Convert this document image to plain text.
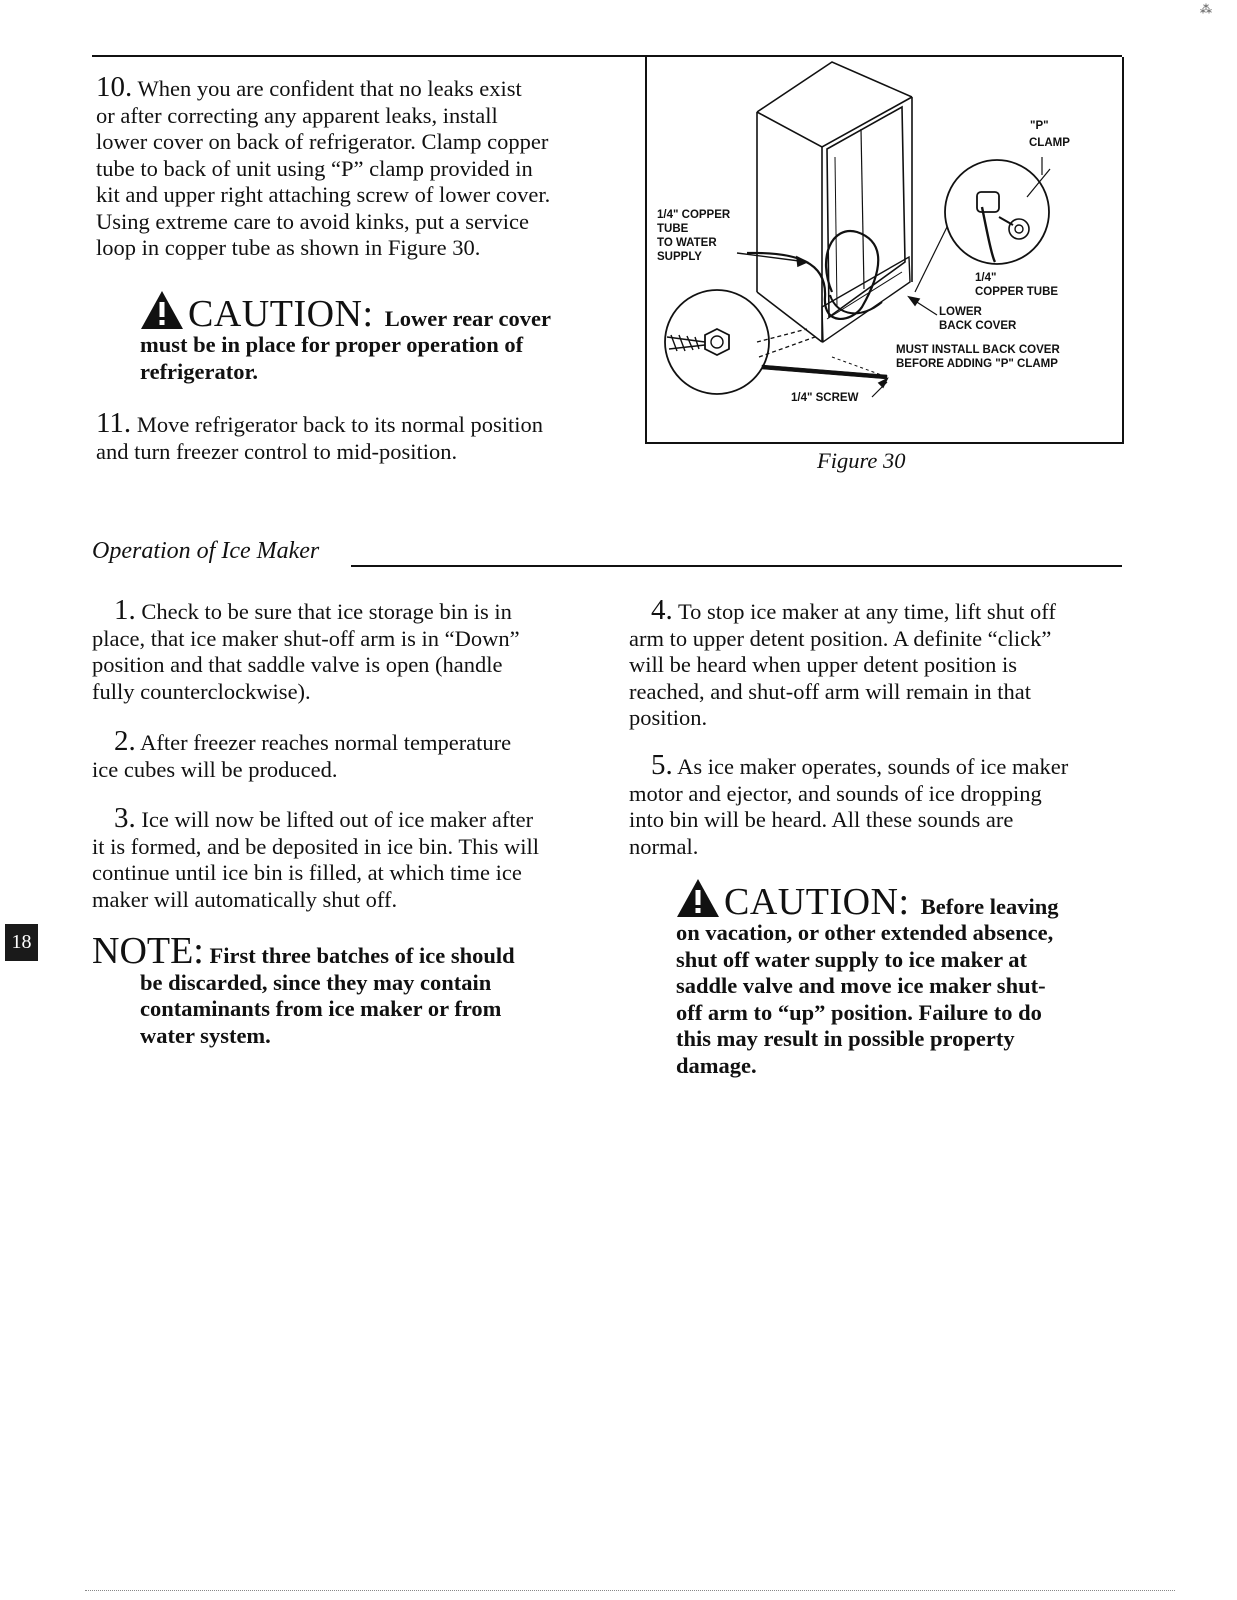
⁂
10. When you are confident that no leaks exist
or after correcting any apparent leaks, install
lower cover on back of refrigerator. Clamp copper
tube to back of unit using “P” clamp provided in
kit and upper right attaching screw of lower cover.
Using extreme care to avoid kinks, put a service
loop in copper tube as shown in Figure 30.
CAUTION: Lower rear cover
must be in place for proper operation of
refrigerator.
11. Move refrigerator back to its normal position
and turn freezer control to mid-position.
"P"
CLAMP
1/4" COPPER
TUBE
TO WATER
SUPPLY
1/4"
COPPER TUBE
LOWER
BACK COVER
MUST INSTALL BACK COVER
BEFORE ADDING "P" CLAMP
1/4" SCREW
Figure 30
Operation of Ice Maker
1. Check to be sure that ice storage bin is in
place, that ice maker shut-off arm is in “Down”
position and that saddle valve is open (handle
fully counterclockwise).
2. After freezer reaches normal temperature
ice cubes will be produced.
3. Ice will now be lifted out of ice maker after
it is formed, and be deposited in ice bin. This will
continue until ice bin is filled, at which time ice
maker will automatically shut off.
NOTE: First three batches of ice should
be discarded, since they may contain
contaminants from ice maker or from
water system.
4. To stop ice maker at any time, lift shut off
arm to upper detent position. A definite “click”
will be heard when upper detent position is
reached, and shut-off arm will remain in that
position.
5. As ice maker operates, sounds of ice maker
motor and ejector, and sounds of ice dropping
into bin will be heard. All these sounds are
normal.
CAUTION: Before leaving
on vacation, or other extended absence,
shut off water supply to ice maker at
saddle valve and move ice maker shut-
off arm to “up” position. Failure to do
this may result in possible property
damage.
18
